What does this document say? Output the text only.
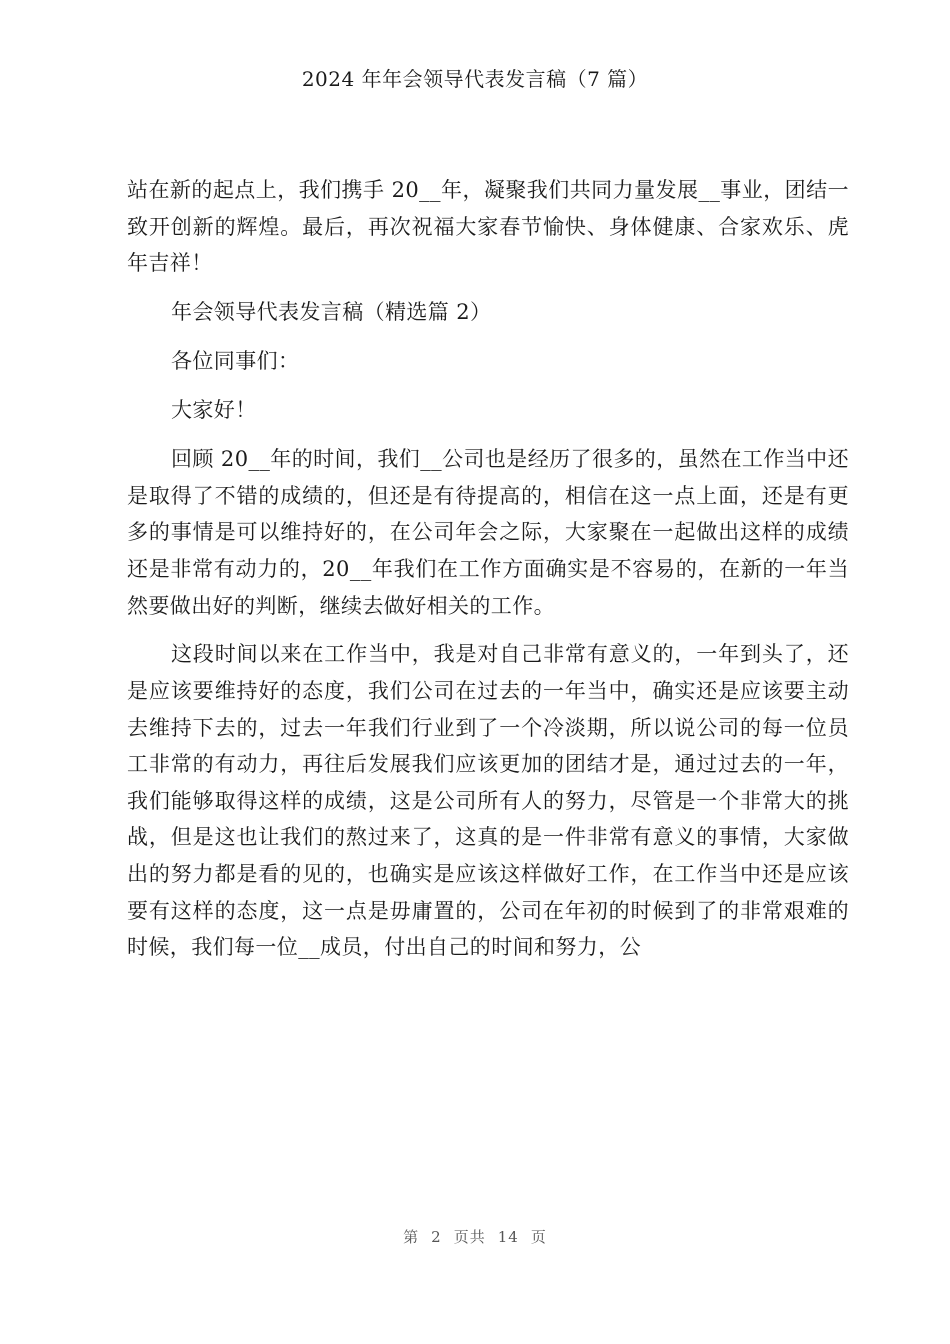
2024 年年会领导代表发言稿（7 篇）

站在新的起点上，我们携手 20__年，凝聚我们共同力量发展__事业，团结一致开创新的辉煌。最后，再次祝福大家春节愉快、身体健康、合家欢乐、虎年吉祥！

年会领导代表发言稿（精选篇 2）

各位同事们：

大家好！

回顾 20__年的时间，我们__公司也是经历了很多的，虽然在工作当中还是取得了不错的成绩的，但还是有待提高的，相信在这一点上面，还是有更多的事情是可以维持好的，在公司年会之际，大家聚在一起做出这样的成绩还是非常有动力的，20__年我们在工作方面确实是不容易的，在新的一年当然要做出好的判断，继续去做好相关的工作。

这段时间以来在工作当中，我是对自己非常有意义的，一年到头了，还是应该要维持好的态度，我们公司在过去的一年当中，确实还是应该要主动去维持下去的，过去一年我们行业到了一个冷淡期，所以说公司的每一位员工非常的有动力，再往后发展我们应该更加的团结才是，通过过去的一年，我们能够取得这样的成绩，这是公司所有人的努力，尽管是一个非常大的挑战，但是这也让我们的熬过来了，这真的是一件非常有意义的事情，大家做出的努力都是看的见的，也确实是应该这样做好工作，在工作当中还是应该要有这样的态度，这一点是毋庸置的，公司在年初的时候到了的非常艰难的时候，我们每一位__成员，付出自己的时间和努力，公

第 2 页共 14 页
